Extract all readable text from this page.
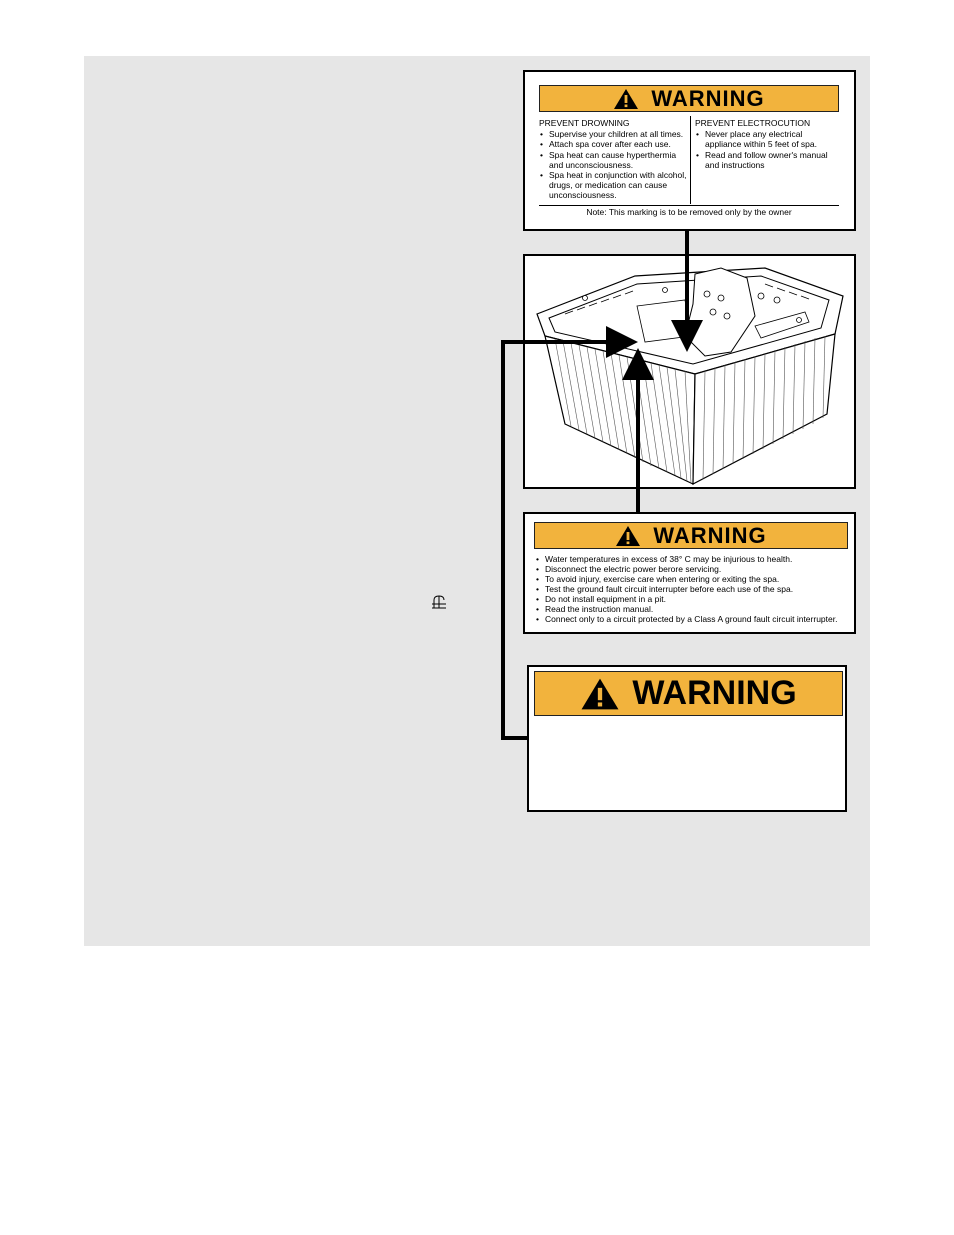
WARNING
PREVENT DROWNING
• Supervise your children at all times.
• Attach spa cover after each use.
• Spa heat can cause hyperthermia and unconsciousness.
• Spa heat in conjunction with alcohol, drugs, or medication can cause unconsciousness.
PREVENT ELECTROCUTION
• Never place any electrical appliance within 5 feet of spa.
• Read and follow owner's manual and instructions
Note: This marking is to be removed only by the owner
WARNING
• Water temperatures in excess of 38° C may be injurious to health.
• Disconnect the electric power berore servicing.
• To avoid injury, exercise care when entering or exiting the spa.
• Test the ground fault circuit interrupter before each use of the spa.
• Do not install equipment in a pit.
• Read the instruction manual.
• Connect only to a circuit protected by a Class A ground fault circuit interrupter.
WARNING
